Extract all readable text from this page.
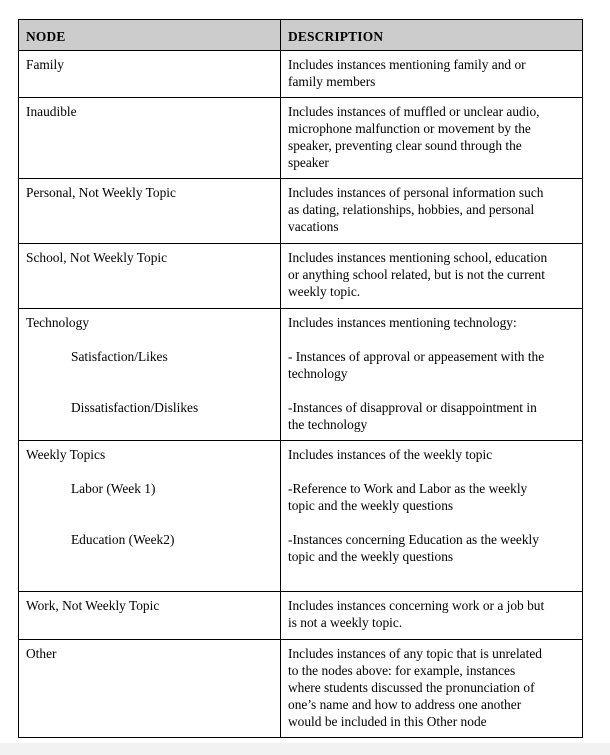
NODE	DESCRIPTION

Family	Includes instances mentioning family and or
family members

Inaudible	Includes instances of muffled or unclear audio,
microphone malfunction or movement by the
speaker, preventing clear sound through the
speaker

Personal, Not Weekly Topic	Includes instances of personal information such
as dating, relationships, hobbies, and personal
vacations

School, Not Weekly Topic	Includes instances mentioning school, education
or anything school related, but is not the current
weekly topic.

Technology
Satisfaction/Likes
Dissatisfaction/Dislikes	Includes instances mentioning technology:
- Instances of approval or appeasement with the
technology
-Instances of disapproval or disappointment in
the technology

Weekly Topics
Labor (Week 1)
Education (Week2)	Includes instances of the weekly topic
-Reference to Work and Labor as the weekly
topic and the weekly questions
-Instances concerning Education as the weekly
topic and the weekly questions

Work, Not Weekly Topic	Includes instances concerning work or a job but
is not a weekly topic.

Other	Includes instances of any topic that is unrelated
to the nodes above: for example, instances
where students discussed the pronunciation of
one’s name and how to address one another
would be included in this Other node
